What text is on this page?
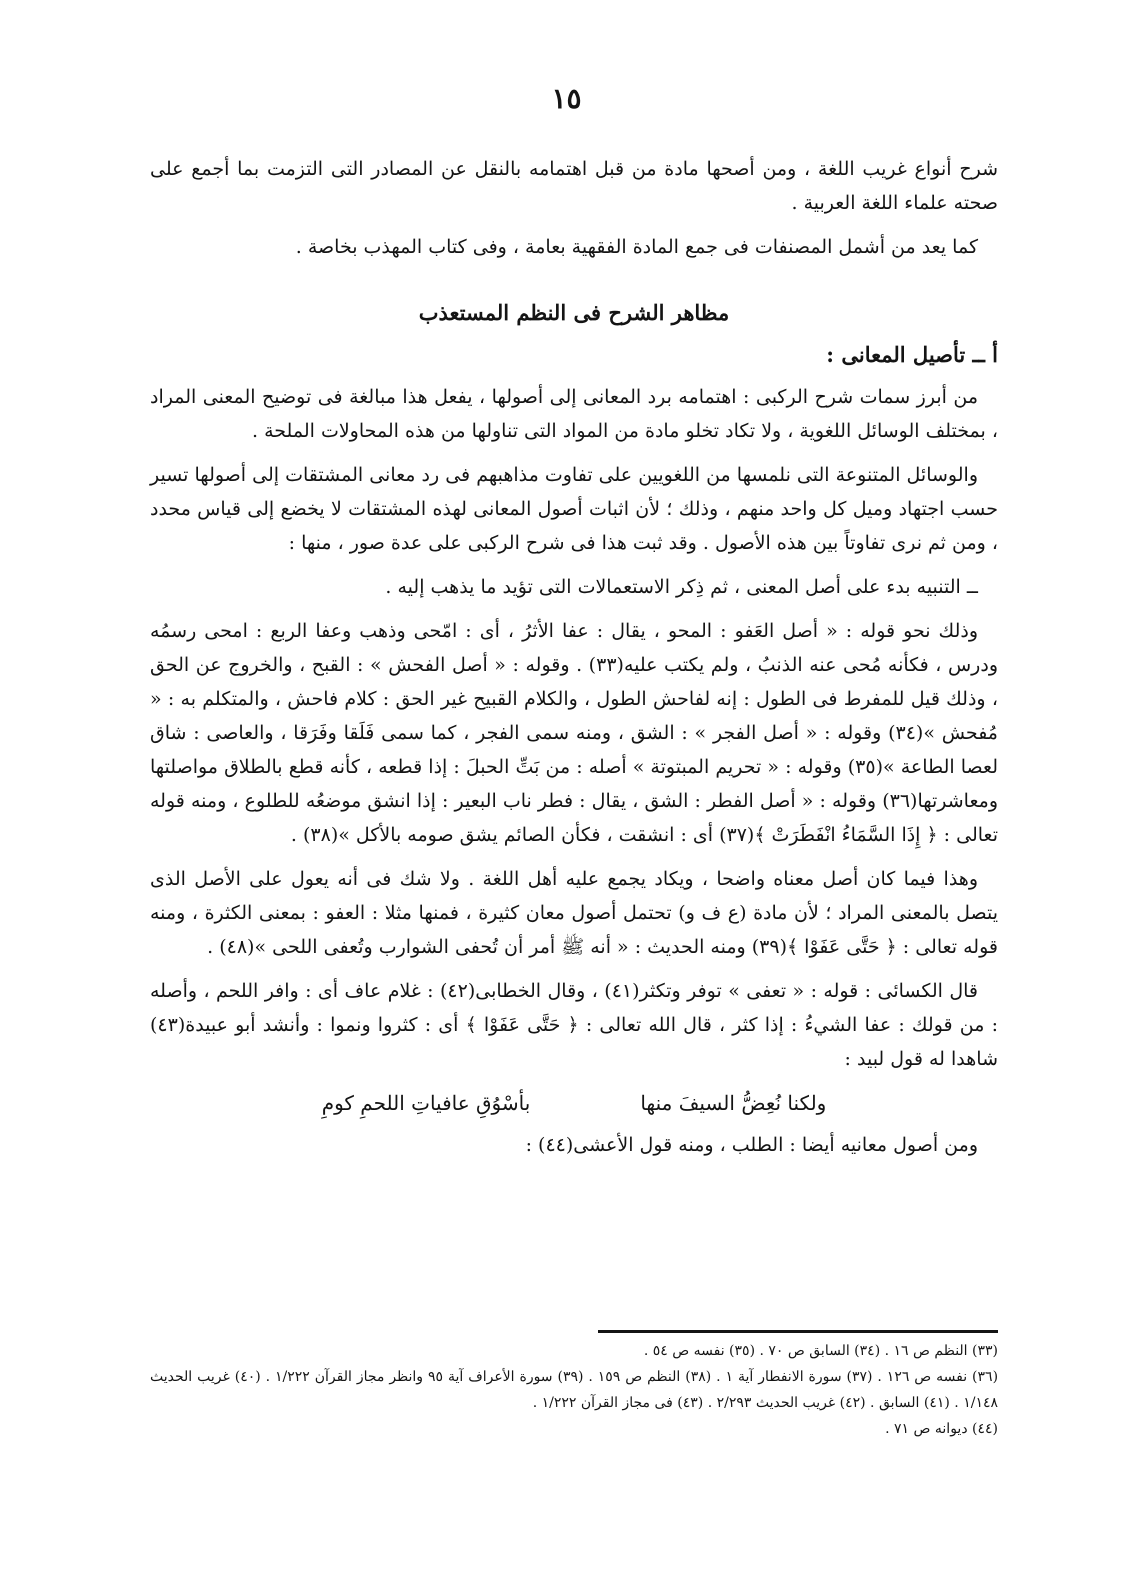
١٥

شرح أنواع غريب اللغة ، ومن أصحها مادة من قبل اهتمامه بالنقل عن المصادر التى التزمت بما أجمع على صحته علماء اللغة العربية .

كما يعد من أشمل المصنفات فى جمع المادة الفقهية بعامة ، وفى كتاب المهذب بخاصة .

مظاهر الشرح فى النظم المستعذب

أ ــ تأصيل المعانى :

من أبرز سمات شرح الركبى : اهتمامه برد المعانى إلى أصولها ، يفعل هذا مبالغة فى توضيح المعنى المراد ، بمختلف الوسائل اللغوية ، ولا تكاد تخلو مادة من المواد التى تناولها من هذه المحاولات الملحة .

والوسائل المتنوعة التى نلمسها من اللغويين على تفاوت مذاهبهم فى رد معانى المشتقات إلى أصولها تسير حسب اجتهاد وميل كل واحد منهم ، وذلك ؛ لأن اثبات أصول المعانى لهذه المشتقات لا يخضع إلى قياس محدد ، ومن ثم نرى تفاوتاً بين هذه الأصول . وقد ثبت هذا فى شرح الركبى على عدة صور ، منها :

ــ التنبيه بدء على أصل المعنى ، ثم ذِكر الاستعمالات التى تؤيد ما يذهب إليه .

وذلك نحو قوله : « أصل العَفو : المحو ، يقال : عفا الأثرُ ، أى : امّحى وذهب وعفا الربع : امحى رسمُه ودرس ، فكأنه مُحى عنه الذنبُ ، ولم يكتب عليه(٣٣) . وقوله : « أصل الفحش » : القبح ، والخروج عن الحق ، وذلك قيل للمفرط فى الطول : إنه لفاحش الطول ، والكلام القبيح غير الحق : كلام فاحش ، والمتكلم به : « مُفحش »(٣٤) وقوله : « أصل الفجر » : الشق ، ومنه سمى الفجر ، كما سمى فَلَقا وفَرَقا ، والعاصى : شاق لعصا الطاعة »(٣٥) وقوله : « تحريم المبتوتة » أصله : من بَتِّ الحبلَ : إذا قطعه ، كأنه قطع بالطلاق مواصلتها ومعاشرتها(٣٦) وقوله : « أصل الفطر : الشق ، يقال : فطر ناب البعير : إذا انشق موضعُه للطلوع ، ومنه قوله تعالى : ﴿ إِذَا السَّمَاءُ انْفَطَرَتْ ﴾(٣٧) أى : انشقت ، فكأن الصائم يشق صومه بالأكل »(٣٨) .

وهذا فيما كان أصل معناه واضحا ، ويكاد يجمع عليه أهل اللغة . ولا شك فى أنه يعول على الأصل الذى يتصل بالمعنى المراد ؛ لأن مادة (ع ف و) تحتمل أصول معان كثيرة ، فمنها مثلا : العفو : بمعنى الكثرة ، ومنه قوله تعالى : ﴿ حَتَّى عَفَوْا ﴾(٣٩) ومنه الحديث : « أنه ﷺ أمر أن تُحفى الشوارب وتُعفى اللحى »(٤٨) .

قال الكسائى : قوله : « تعفى » توفر وتكثر(٤١) ، وقال الخطابى(٤٢) : غلام عاف أى : وافر اللحم ، وأصله : من قولك : عفا الشيءُ : إذا كثر ، قال الله تعالى : ﴿ حَتَّى عَفَوْا ﴾ أى : كثروا ونموا : وأنشد أبو عبيدة(٤٣) شاهدا له قول لبيد :

ولكنا نُعِضُّ السيفَ منها
بأسْوُقِ عافياتِ اللحمِ كومِ

ومن أصول معانيه أيضا : الطلب ، ومنه قول الأعشى(٤٤) :

(٣٣) النظم ص ١٦ . (٣٤) السابق ص ٧٠ . (٣٥) نفسه ص ٥٤ .

(٣٦) نفسه ص ١٢٦ . (٣٧) سورة الانفطار آية ١ . (٣٨) النظم ص ١٥٩ . (٣٩) سورة الأعراف آية ٩٥ وانظر مجاز القرآن ١/٢٢٢ . (٤٠) غريب الحديث ١/١٤٨ . (٤١) السابق . (٤٢) غريب الحديث ٢/٢٩٣ . (٤٣) فى مجاز القرآن ١/٢٢٢ .

(٤٤) ديوانه ص ٧١ .
